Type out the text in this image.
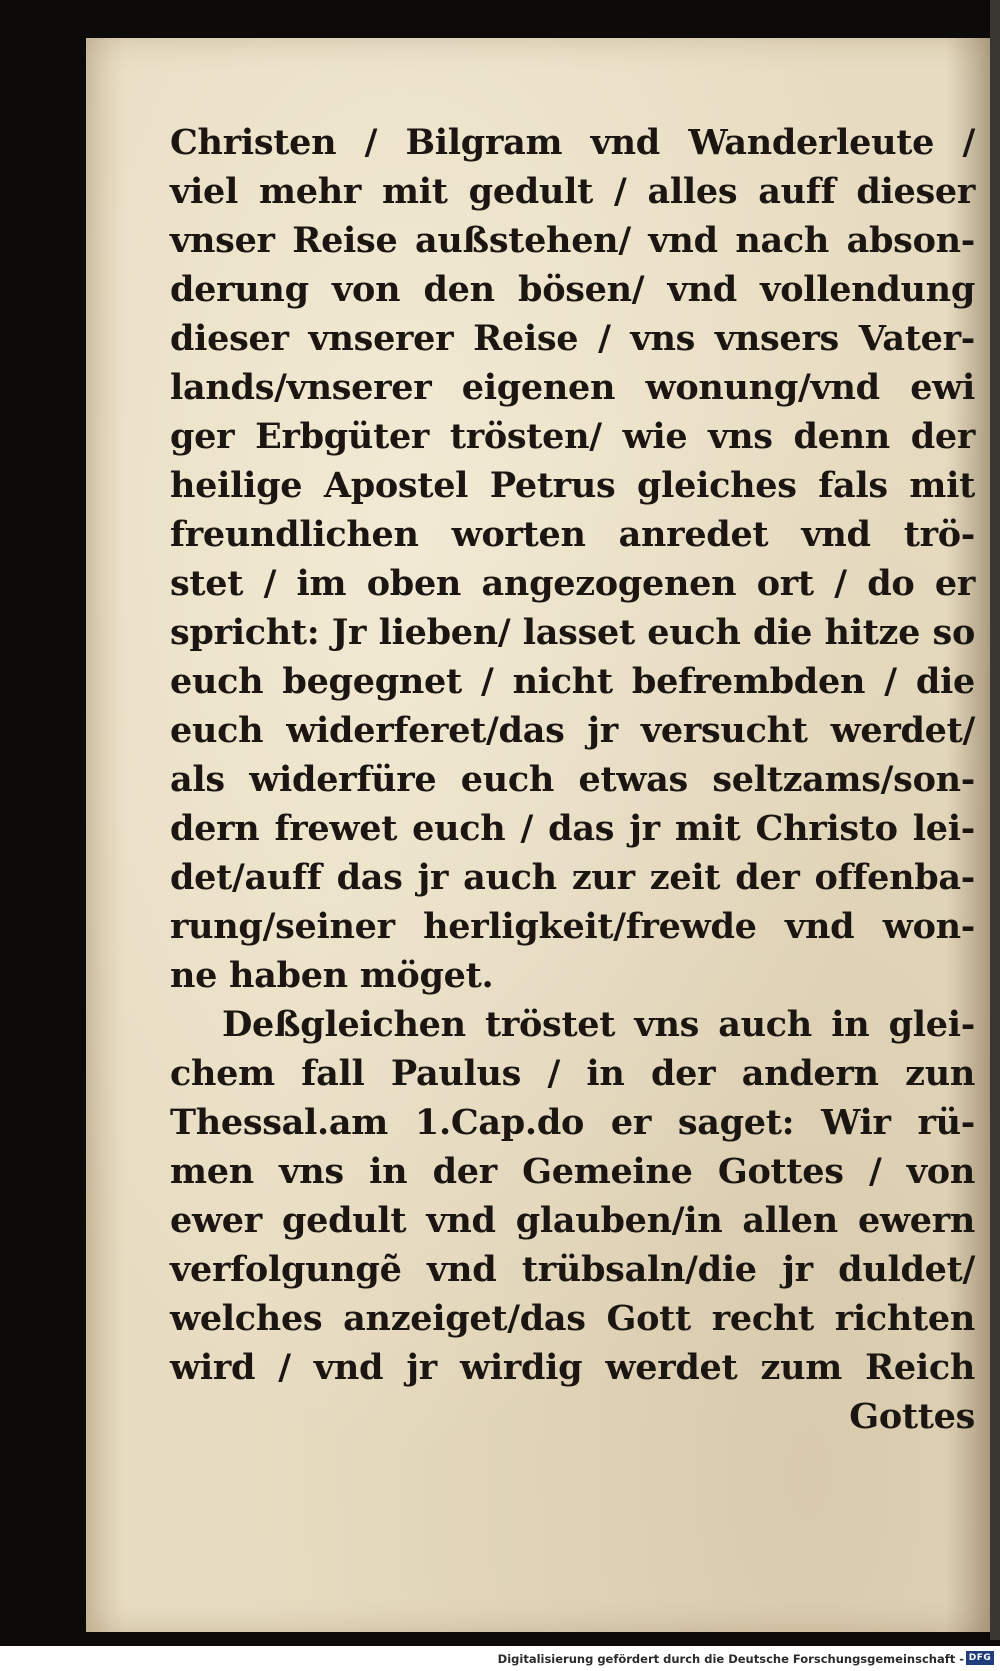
Christen / Bilgram vnd Wanderleute /
viel mehr mit gedult / alles auff dieser
vnser Reise außstehen/ vnd nach abson-
derung von den bösen/ vnd vollendung
dieser vnserer Reise / vns vnsers Vater-
lands/vnserer eigenen wonung/vnd ewi
ger Erbgüter trösten/ wie vns denn der
heilige Apostel Petrus gleiches fals mit
freundlichen worten anredet vnd trö-
stet / im oben angezogenen ort / do er
spricht: Jr lieben/ lasset euch die hitze so
euch begegnet / nicht befrembden / die
euch widerferet/das jr versucht werdet/
als widerfüre euch etwas seltzams/son-
dern frewet euch / das jr mit Christo lei-
det/auff das jr auch zur zeit der offenba-
rung/seiner herligkeit/frewde vnd won-
ne haben möget.
Deßgleichen tröstet vns auch in glei-
chem fall Paulus / in der andern zun
Thessal.am 1.Cap.do er saget: Wir rü-
men vns in der Gemeine Gottes / von
ewer gedult vnd glauben/in allen ewern
verfolgungẽ vnd trübsaln/die jr duldet/
welches anzeiget/das Gott recht richten
wird / vnd jr wirdig werdet zum Reich
Gottes
Digitalisierung gefördert durch die Deutsche Forschungsgemeinschaft - DFG
